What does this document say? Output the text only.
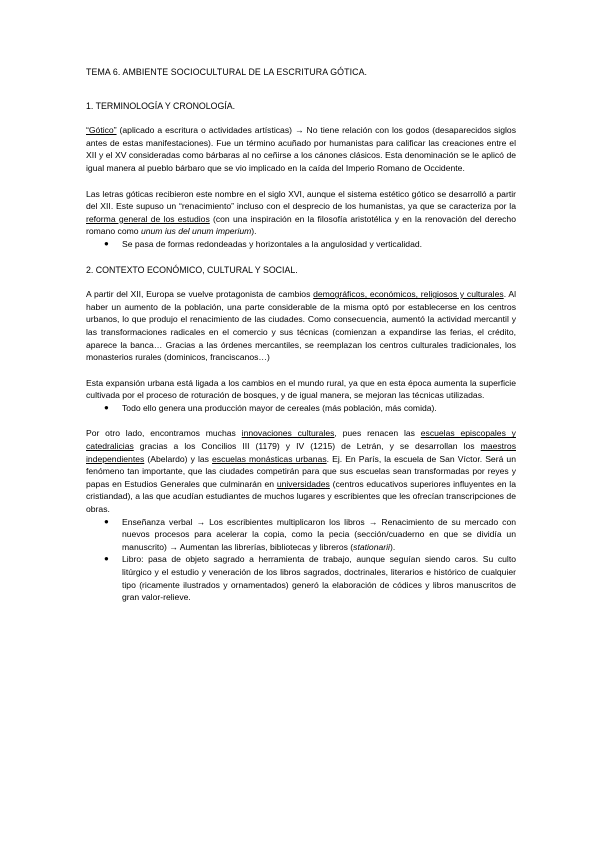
TEMA 6. AMBIENTE SOCIOCULTURAL DE LA ESCRITURA GÓTICA.
1. TERMINOLOGÍA Y CRONOLOGÍA.

“Gótico” (aplicado a escritura o actividades artísticas) → No tiene relación con los godos (desaparecidos siglos antes de estas manifestaciones). Fue un término acuñado por humanistas para calificar las creaciones entre el XII y el XV consideradas como bárbaras al no ceñirse a los cánones clásicos. Esta denominación se le aplicó de igual manera al pueblo bárbaro que se vio implicado en la caída del Imperio Romano de Occidente.

Las letras góticas recibieron este nombre en el siglo XVI, aunque el sistema estético gótico se desarrolló a partir del XII. Este supuso un “renacimiento” incluso con el desprecio de los humanistas, ya que se caracteriza por la reforma general de los estudios (con una inspiración en la filosofía aristotélica y en la renovación del derecho romano como unum ius del unum imperium).

● Se pasa de formas redondeadas y horizontales a la angulosidad y verticalidad.
2. CONTEXTO ECONÓMICO, CULTURAL Y SOCIAL.

A partir del XII, Europa se vuelve protagonista de cambios demográficos, económicos, religiosos y culturales. Al haber un aumento de la población, una parte considerable de la misma optó por establecerse en los centros urbanos, lo que produjo el renacimiento de las ciudades. Como consecuencia, aumentó la actividad mercantil y las transformaciones radicales en el comercio y sus técnicas (comienzan a expandirse las ferias, el crédito, aparece la banca… Gracias a las órdenes mercantiles, se reemplazan los centros culturales tradicionales, los monasterios rurales (dominicos, franciscanos…)

Esta expansión urbana está ligada a los cambios en el mundo rural, ya que en esta época aumenta la superficie cultivada por el proceso de roturación de bosques, y de igual manera, se mejoran las técnicas utilizadas.

● Todo ello genera una producción mayor de cereales (más población, más comida).

Por otro lado, encontramos muchas innovaciones culturales, pues renacen las escuelas episcopales y catedralicias gracias a los Concilios III (1179) y IV (1215) de Letrán, y se desarrollan los maestros independientes (Abelardo) y las escuelas monásticas urbanas. Ej. En París, la escuela de San Víctor. Será un fenómeno tan importante, que las ciudades competirán para que sus escuelas sean transformadas por reyes y papas en Estudios Generales que culminarán en universidades (centros educativos superiores influyentes en la cristiandad), a las que acudían estudiantes de muchos lugares y escribientes que les ofrecían transcripciones de obras.

● Enseñanza verbal → Los escribientes multiplicaron los libros → Renacimiento de su mercado con nuevos procesos para acelerar la copia, como la pecia (sección/cuaderno en que se dividía un manuscrito) → Aumentan las librerías, bibliotecas y libreros (stationarii).
● Libro: pasa de objeto sagrado a herramienta de trabajo, aunque seguían siendo caros. Su culto litúrgico y el estudio y veneración de los libros sagrados, doctrinales, literarios e histórico de cualquier tipo (ricamente ilustrados y ornamentados) generó la elaboración de códices y libros manuscritos de gran valor-relieve.
